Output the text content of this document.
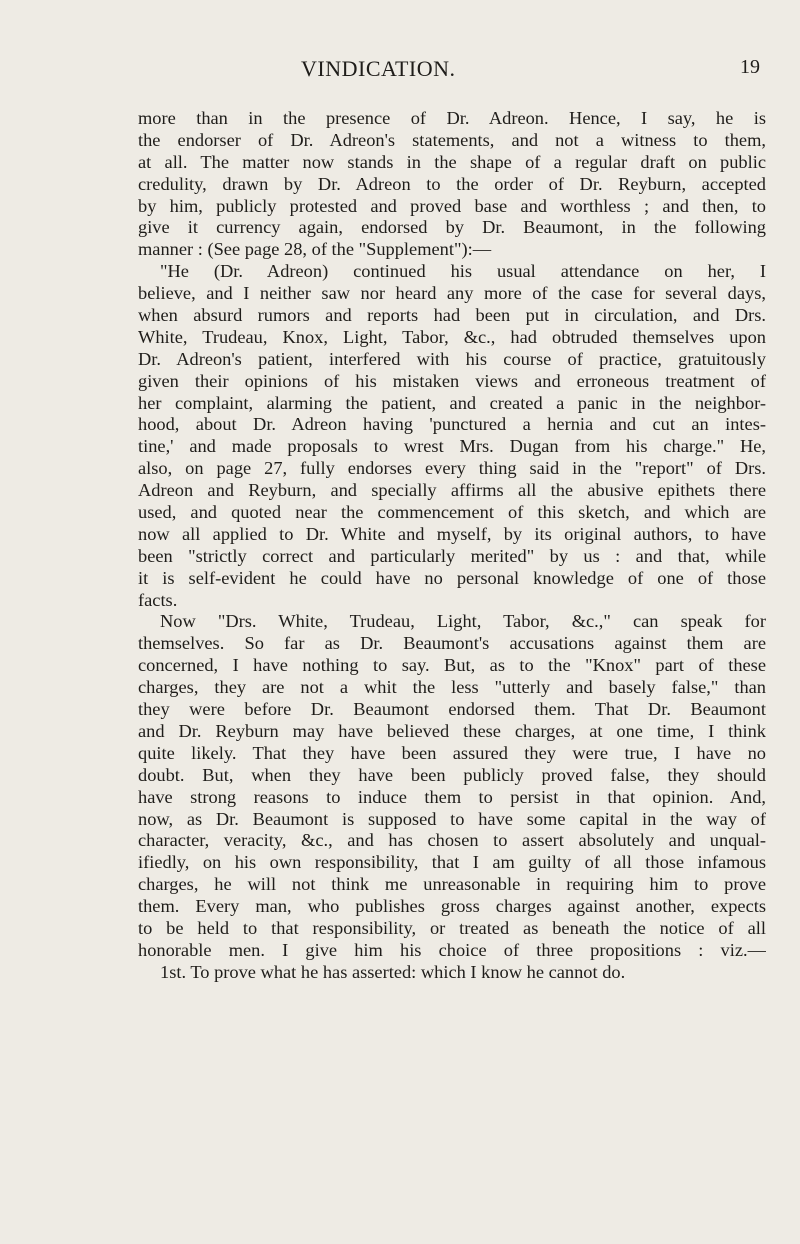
VINDICATION.	19
more than in the presence of Dr. Adreon. Hence, I say, he is
the endorser of Dr. Adreon's statements, and not a witness to them,
at all. The matter now stands in the shape of a regular draft on public
credulity, drawn by Dr. Adreon to the order of Dr. Reyburn, accepted
by him, publicly protested and proved base and worthless ; and then, to
give it currency again, endorsed by Dr. Beaumont, in the following
manner : (See page 28, of the "Supplement"):—
"He (Dr. Adreon) continued his usual attendance on her, I
believe, and I neither saw nor heard any more of the case for several days,
when absurd rumors and reports had been put in circulation, and Drs.
White, Trudeau, Knox, Light, Tabor, &c., had obtruded themselves upon
Dr. Adreon's patient, interfered with his course of practice, gratuitously
given their opinions of his mistaken views and erroneous treatment of
her complaint, alarming the patient, and created a panic in the neighbor-
hood, about Dr. Adreon having 'punctured a hernia and cut an intes-
tine,' and made proposals to wrest Mrs. Dugan from his charge." He,
also, on page 27, fully endorses every thing said in the "report" of Drs.
Adreon and Reyburn, and specially affirms all the abusive epithets there
used, and quoted near the commencement of this sketch, and which are
now all applied to Dr. White and myself, by its original authors, to have
been "strictly correct and particularly merited" by us : and that, while
it is self-evident he could have no personal knowledge of one of those
facts.
Now "Drs. White, Trudeau, Light, Tabor, &c.," can speak for
themselves. So far as Dr. Beaumont's accusations against them are
concerned, I have nothing to say. But, as to the "Knox" part of these
charges, they are not a whit the less "utterly and basely false," than
they were before Dr. Beaumont endorsed them. That Dr. Beaumont
and Dr. Reyburn may have believed these charges, at one time, I think
quite likely. That they have been assured they were true, I have no
doubt. But, when they have been publicly proved false, they should
have strong reasons to induce them to persist in that opinion. And,
now, as Dr. Beaumont is supposed to have some capital in the way of
character, veracity, &c., and has chosen to assert absolutely and unqual-
ifiedly, on his own responsibility, that I am guilty of all those infamous
charges, he will not think me unreasonable in requiring him to prove
them. Every man, who publishes gross charges against another, expects
to be held to that responsibility, or treated as beneath the notice of all
honorable men. I give him his choice of three propositions : viz.—
1st. To prove what he has asserted: which I know he cannot do.
